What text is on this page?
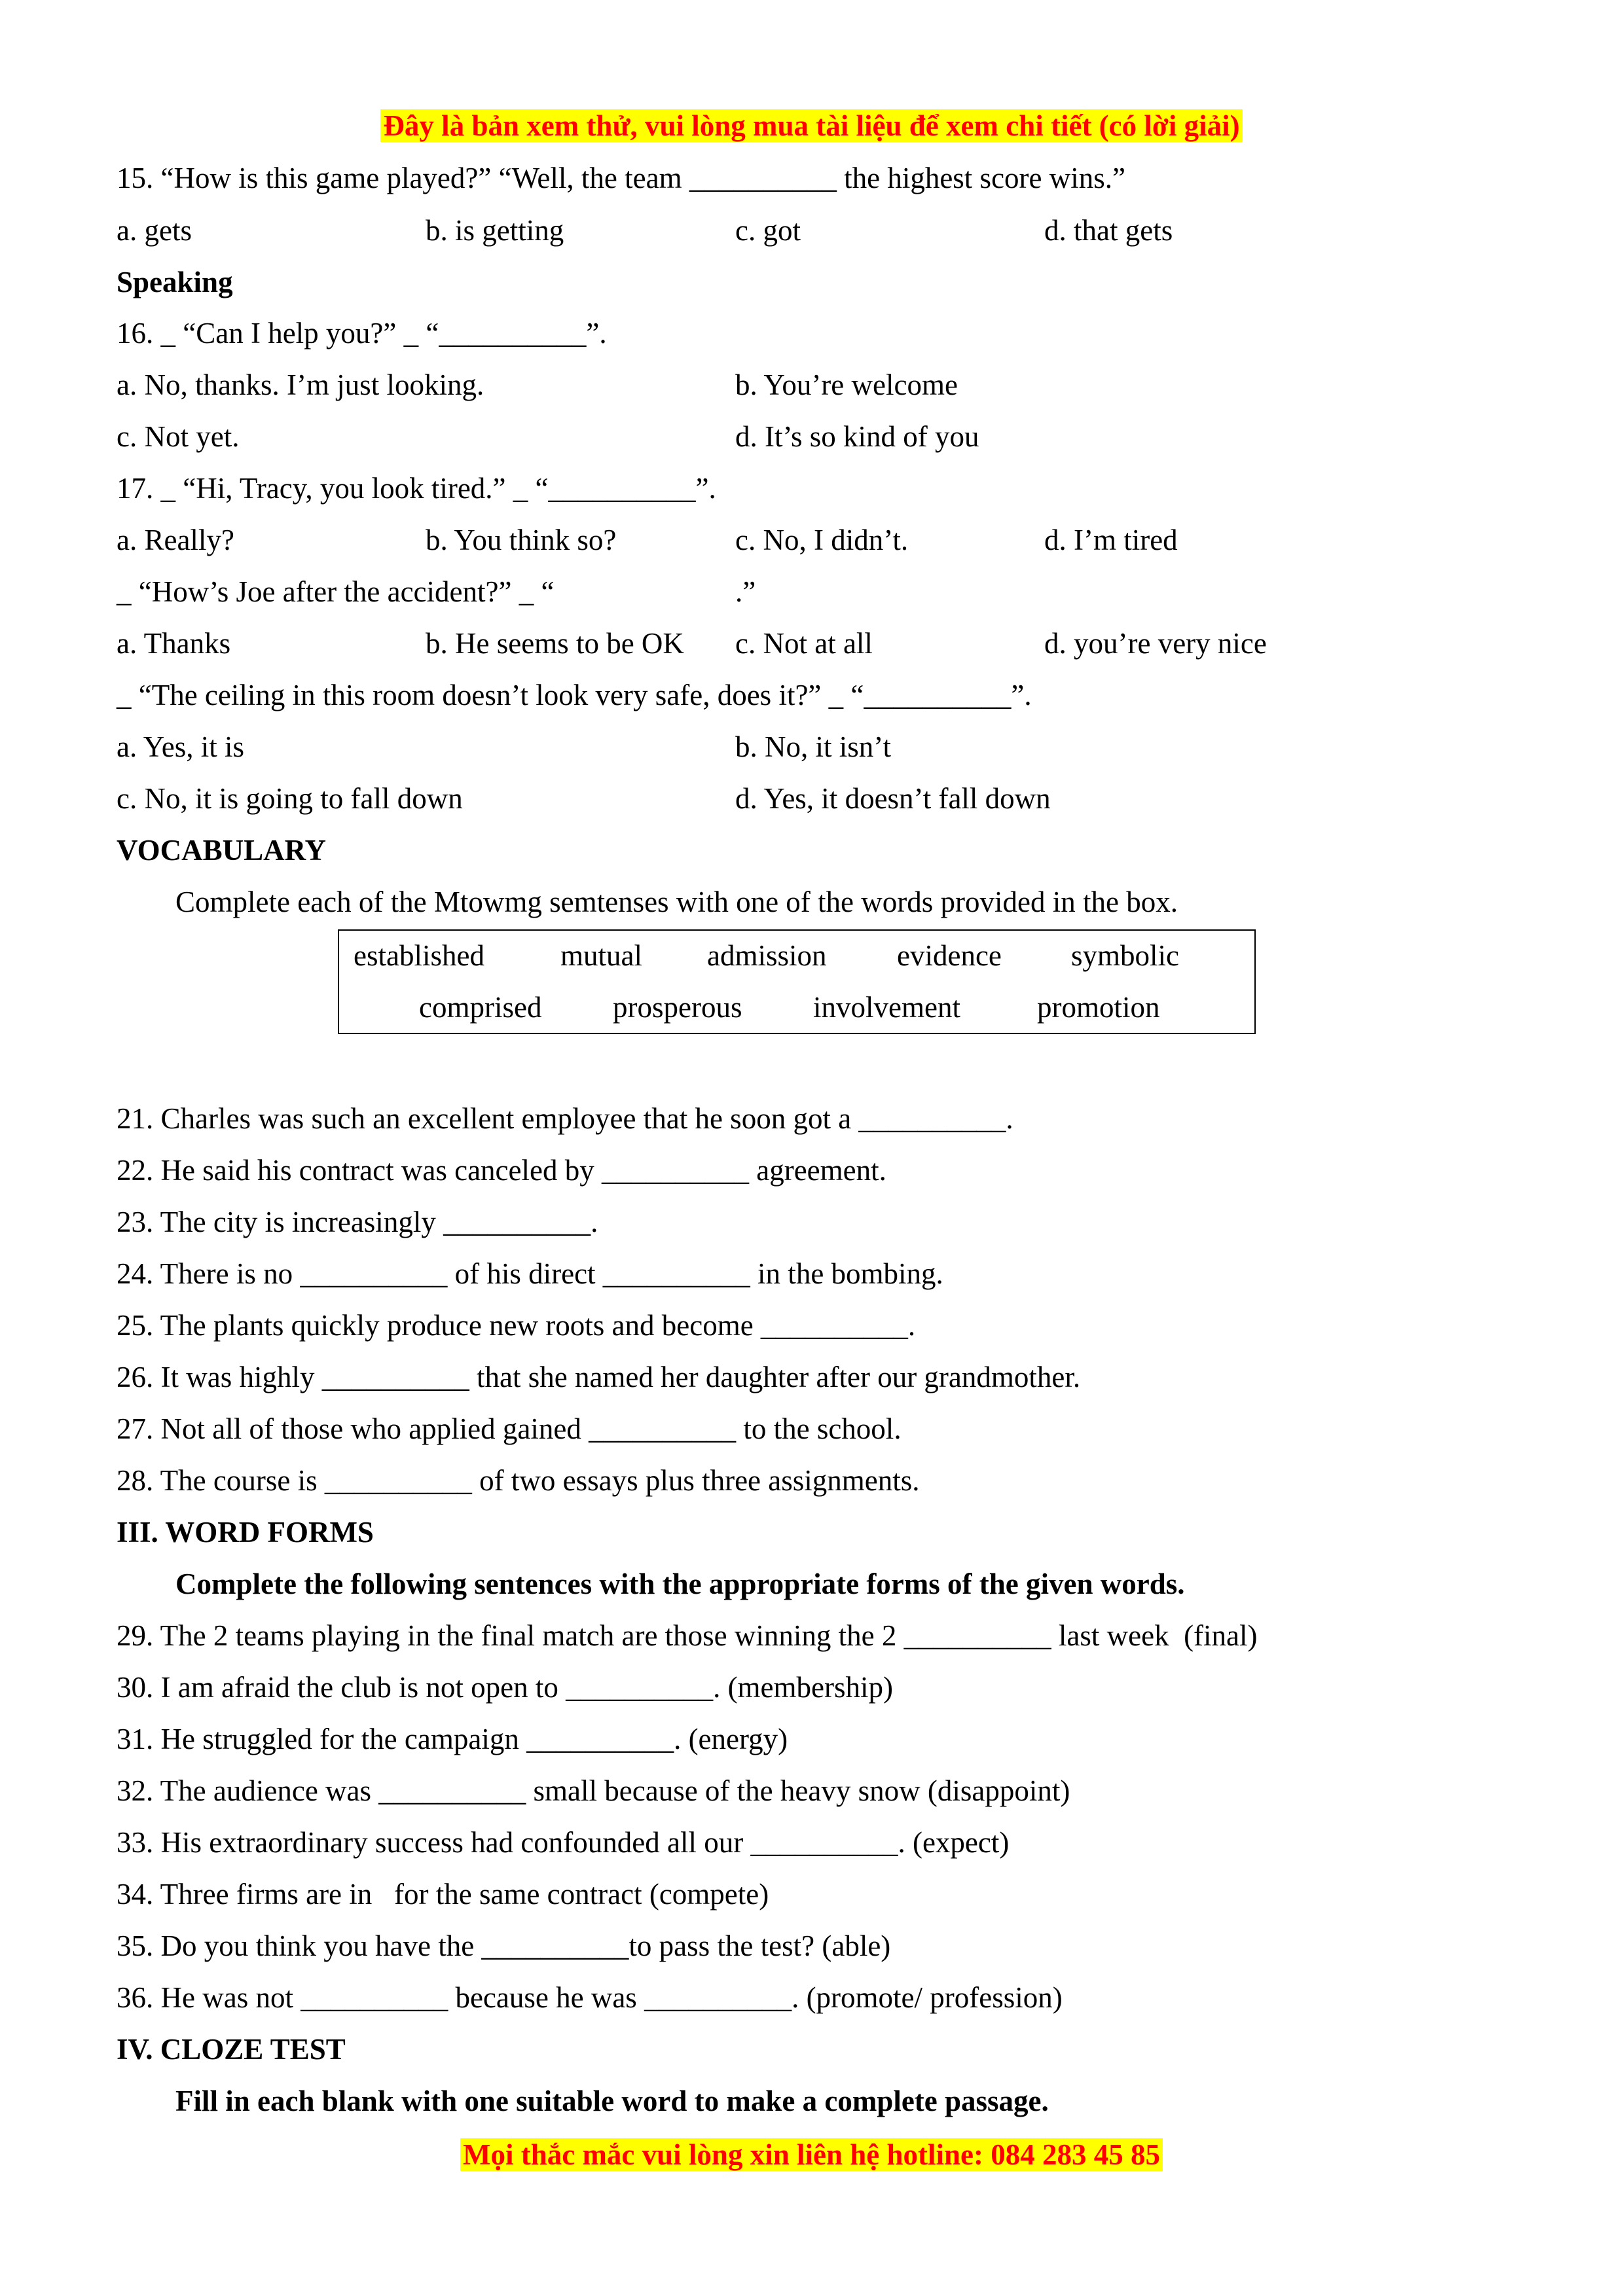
Đây là bản xem thử, vui lòng mua tài liệu để xem chi tiết (có lời giải)
15. “How is this game played?” “Well, the team __________ the highest score wins.”

a. gets

	b. is getting

	c. got

	d. that gets

Speaking
16. _ “Can I help you?” _ “__________”.

a. No, thanks. I’m just looking.

	b. You’re welcome

c. Not yet.

	d. It’s so kind of you

17. _ “Hi, Tracy, you look tired.” _ “__________”.

a. Really?

	b. You think so?

	c. No, I didn’t.

	d. I’m tired

_ “How’s Joe after the accident?” _ “

	.”

a. Thanks

	b. He seems to be OK

c. Not at all

	d. you’re very nice

_ “The ceiling in this room doesn’t look very safe, does it?” _ “__________”.

a. Yes, it is

	b. No, it isn’t

c. No, it is going to fall down

	d. Yes, it doesn’t fall down

VOCABULARY
Complete each of the Mtowmg semtenses with one of the words provided in the box.
established	mutual admission evidence symbolic
comprised prosperous involvement	promotion
21. Charles was such an excellent employee that he soon got a __________.
22. He said his contract was canceled by __________ agreement.
23. The city is increasingly __________.
24. There is no __________ of his direct __________ in the bombing.
25. The plants quickly produce new roots and become __________.
26. It was highly __________ that she named her daughter after our grandmother.
27. Not all of those who applied gained __________ to the school.
28. The course is __________ of two essays plus three assignments.
III. WORD FORMS
Complete the following sentences with the appropriate forms of the given words.
29. The 2 teams playing in the final match are those winning the 2 __________ last week  (final)
30. I am afraid the club is not open to __________. (membership)
31. He struggled for the campaign __________. (energy)
32. The audience was __________ small because of the heavy snow (disappoint)
33. His extraordinary success had confounded all our __________. (expect)
34. Three firms are in   for the same contract (compete)
35. Do you think you have the __________to pass the test? (able)
36. He was not __________ because he was __________. (promote/ profession)
IV. CLOZE TEST
Fill in each blank with one suitable word to make a complete passage.
Mọi thắc mắc vui lòng xin liên hệ hotline: 084 283 45 85
